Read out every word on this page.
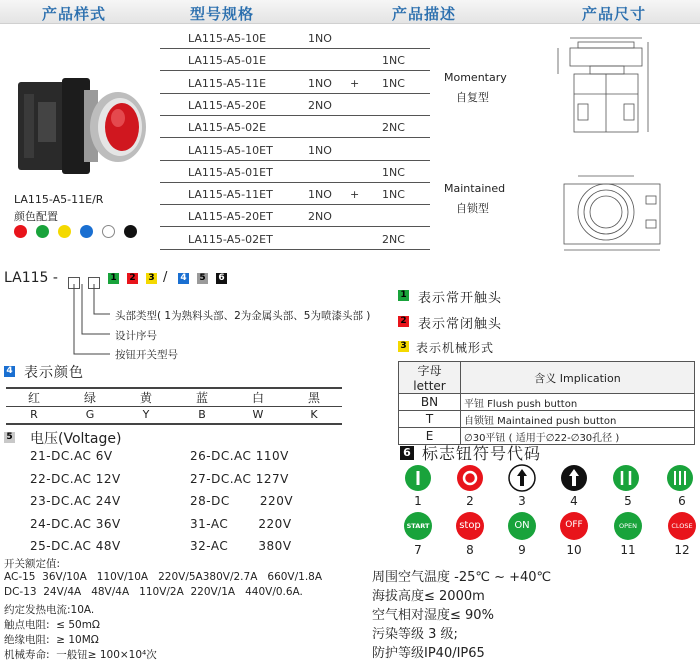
产品样式	型号规格	产品描述	产品尺寸
LA115-A5-11E/R
颜色配置
LA115-A5-10E	1NO
LA115-A5-01E	1NC
LA115-A5-11E	1NO + 1NC
LA115-A5-20E	2NO
LA115-A5-02E	2NC
LA115-A5-10ET	1NO
LA115-A5-01ET	1NC
LA115-A5-11ET	1NO + 1NC
LA115-A5-20ET	2NO
LA115-A5-02ET	2NC
Momentary
自复型
Maintained
自锁型
LA115 -	1 2 3 / 4 5 6
头部类型( 1为熟料头部、2为金属头部、5为喷漆头部 )
设计序号
按钮开关型号
1 表示常开触头
2 表示常闭触头
3 表示机械形式
字母letter	含义 Implication
BN	平钮 Flush push button
T	自锁钮 Maintained push button
E	∅30平钮 ( 适用于∅22-∅30孔径 )
4 表示颜色
红	绿	黄	蓝	白	黑
R	G	Y	B	W	K
5 电压(Voltage)
21-DC.AC 6V	26-DC.AC 110V
22-DC.AC 12V	27-DC.AC 127V
23-DC.AC 24V	28-DC       220V
24-DC.AC 36V	31-AC       220V
25-DC.AC 48V	32-AC       380V
6 标志钮符号代码
START	stop	ON	OFF	OPEN	CLOSE
1	2	3	4	5	6
7	8	9	10	11	12
周围空气温度 -25℃ ~ +40℃
海拔高度≤ 2000m
空气相对湿度≤ 90%
污染等级 3 级;
防护等级IP40/IP65
开关额定值:
AC-15  36V/10A   110V/10A   220V/5A380V/2.7A   660V/1.8A
DC-13  24V/4A   48V/4A   110V/2A  220V/1A   440V/0.6A.
约定发热电流:10A.
触点电阻:  ≤ 50mΩ
绝缘电阻:  ≥ 10MΩ
机械寿命:  一般钮≥ 100×10⁴次
